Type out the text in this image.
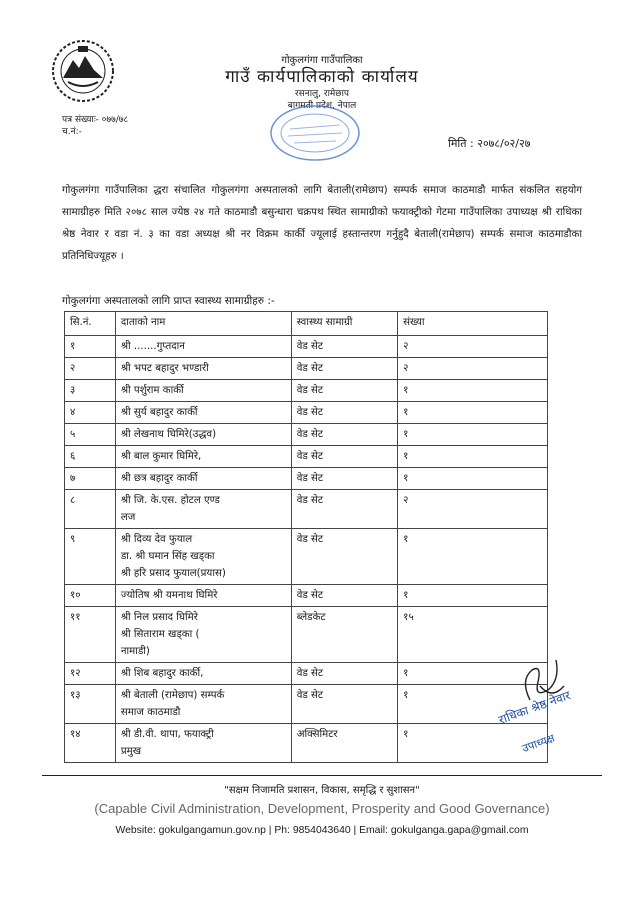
गोकुलगंगा गाउँपालिका
गाउँ कार्यपालिकाको कार्यालय
रसनालु, रामेछाप
बागमती प्रदेश, नेपाल
पत्र संख्याः- ०७७/७८
च.नं:-
मिति : २०७८/०२/२७
गोकुलगंगा गाउँपालिका द्धरा संचालित गोकुलगंगा अस्पतालको लागि बेताली(रामेछाप) सम्पर्क समाज काठमाडौ मार्फत संकलित सहयोग सामाग्रीहरु मिति २०७८ साल ज्येष्ठ २४ गते काठमाडौ बसुन्धारा चक्रपथ स्थित सामाग्रीको फयाक्ट्रीको गेटमा गाउँपालिका उपाध्यक्ष श्री राधिका श्रेष्ठ नेवार र वडा नं. ३ का वडा अध्यक्ष श्री नर विक्रम कार्की ज्यूलाई हस्तान्तरण गर्नुहुदै बेताली(रामेछाप) सम्पर्क समाज काठमाडौका प्रतिनिधिज्यूहरु ।
गोकुलगंगा अस्पतालको लागि प्राप्त स्वास्थ्य सामाग्रीहरु :-
सि.नं.	दाताको नाम	स्वास्थ्य सामाग्री	संख्या
१	श्री .......गुप्तदान	वेड सेट	२
२	श्री भपट बहादुर भण्डारी	वेड सेट	२
३	श्री पर्शुराम कार्की	वेड सेट	१
४	श्री सुर्य बहादुर कार्की	वेड सेट	१
५	श्री लेखनाथ घिमिरे(उद्धव)	वेड सेट	१
६	श्री बाल कुमार घिमिरे,	वेड सेट	१
७	श्री छत्र बहादुर कार्की	वेड सेट	१
८	श्री जि. के.एस. होटल एण्ड
लज	वेड सेट	२
९	श्री दिव्य देव फुयाल
डा. श्री घमान सिंह खड्का
श्री हरि प्रसाद फुयाल(प्रयास)	वेड सेट	१
१०	ज्योतिष श्री यमनाथ घिमिरे	वेड सेट	१
११	श्री निल प्रसाद घिमिरे
श्री सिताराम खड्का (
नामाडी)	ब्लेडकेट	१५
१२	श्री शिब बहादुर कार्की,	वेड सेट	१
१३	श्री बेताली (रामेछाप) सम्पर्क
समाज काठमाडौ	वेड सेट	१
१४	श्री डी.वी. थापा, फयाक्ट्री
प्रमुख	अक्सिमिटर	१
राधिका श्रेष्ठ नेवार
उपाध्यक्ष
"सक्षम निजामति प्रशासन, विकास, समृद्धि र सुशासन"
(Capable Civil Administration, Development, Prosperity and Good Governance)
Website: gokulgangamun.gov.np | Ph: 9854043640 | Email: gokulganga.gapa@gmail.com
